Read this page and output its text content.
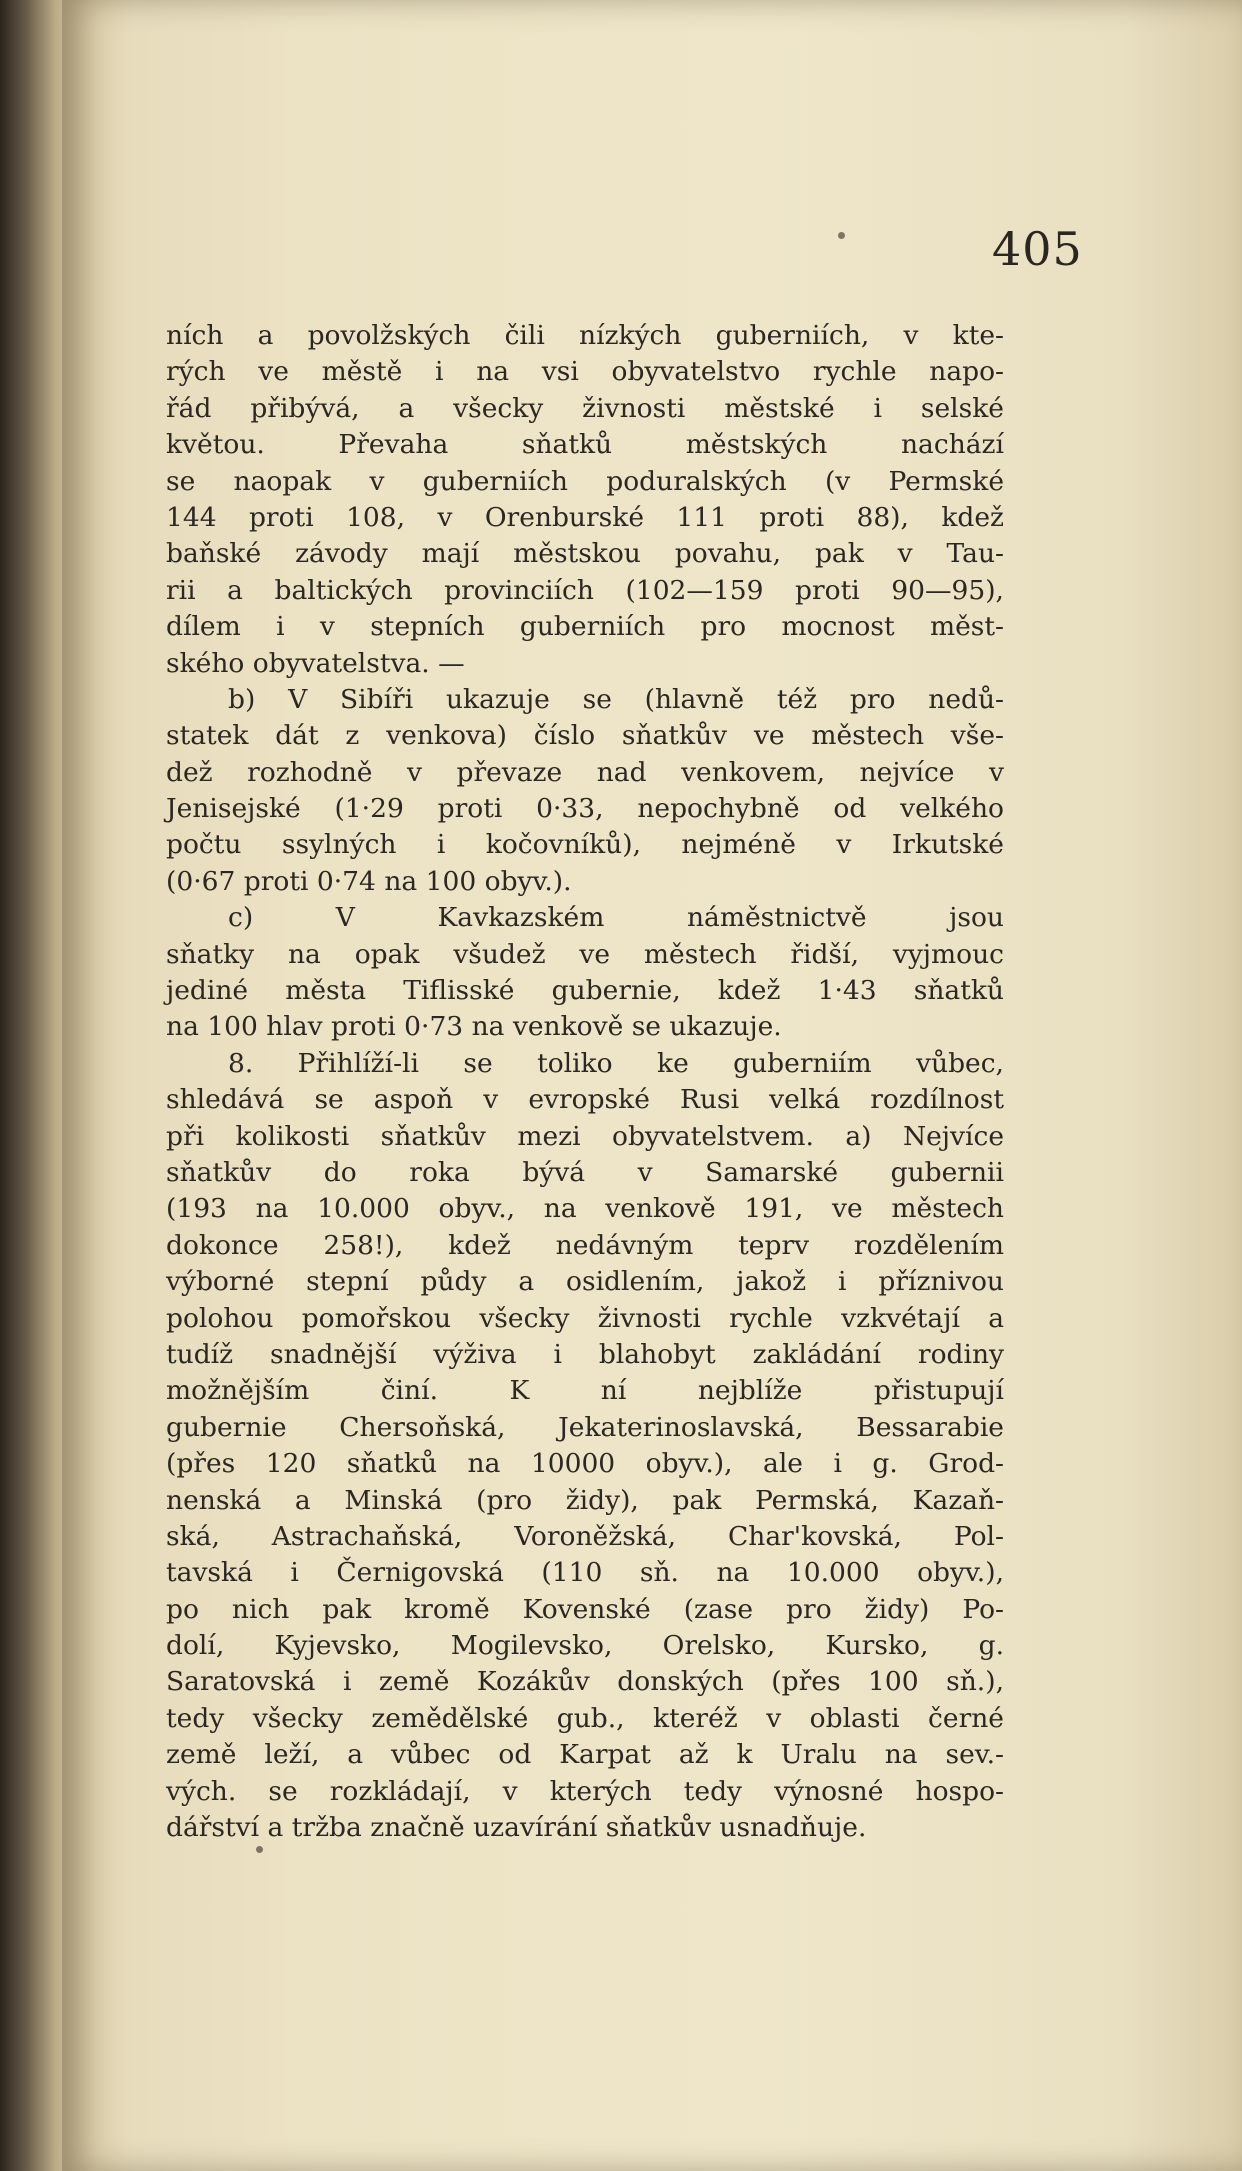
405
ních a povolžských čili nízkých guberniích, v kte-
rých ve městě i na vsi obyvatelstvo rychle napo-
řád přibývá, a všecky živnosti městské i selské
květou. Převaha sňatků městských nachází
se naopak v guberniích poduralských (v Permské
144 proti 108, v Orenburské 111 proti 88), kdež
baňské závody mají městskou povahu, pak v Tau-
rii a baltických provinciích (102—159 proti 90—95),
dílem i v stepních guberniích pro mocnost měst-
ského obyvatelstva. —
b) V Sibíři ukazuje se (hlavně též pro nedů-
statek dát z venkova) číslo sňatkův ve městech vše-
dež rozhodně v převaze nad venkovem, nejvíce v
Jenisejské (1·29 proti 0·33, nepochybně od velkého
počtu ssylných i kočovníků), nejméně v Irkutské
(0·67 proti 0·74 na 100 obyv.).
c) V Kavkazském náměstnictvě jsou
sňatky na opak všudež ve městech řidší, vyjmouc
jediné města Tiflisské gubernie, kdež 1·43 sňatků
na 100 hlav proti 0·73 na venkově se ukazuje.
8. Přihlíží-li se toliko ke guberniím vůbec,
shledává se aspoň v evropské Rusi velká rozdílnost
při kolikosti sňatkův mezi obyvatelstvem. a) Nejvíce
sňatkův do roka bývá v Samarské gubernii
(193 na 10.000 obyv., na venkově 191, ve městech
dokonce 258!), kdež nedávným teprv rozdělením
výborné stepní půdy a osidlením, jakož i příznivou
polohou pomořskou všecky živnosti rychle vzkvétají a
tudíž snadnější výživa i blahobyt zakládání rodiny
možnějším činí. K ní nejblíže přistupují
gubernie Chersoňská, Jekaterinoslavská, Bessarabie
(přes 120 sňatků na 10000 obyv.), ale i g. Grod-
nenská a Minská (pro židy), pak Permská, Kazaň-
ská, Astrachaňská, Voroněžská, Char'kovská, Pol-
tavská i Černigovská (110 sň. na 10.000 obyv.),
po nich pak kromě Kovenské (zase pro židy) Po-
dolí, Kyjevsko, Mogilevsko, Orelsko, Kursko, g.
Saratovská i země Kozákův donských (přes 100 sň.),
tedy všecky zemědělské gub., kteréž v oblasti černé
země leží, a vůbec od Karpat až k Uralu na sev.-
vých. se rozkládají, v kterých tedy výnosné hospo-
dářství a tržba značně uzavírání sňatkův usnadňuje.
